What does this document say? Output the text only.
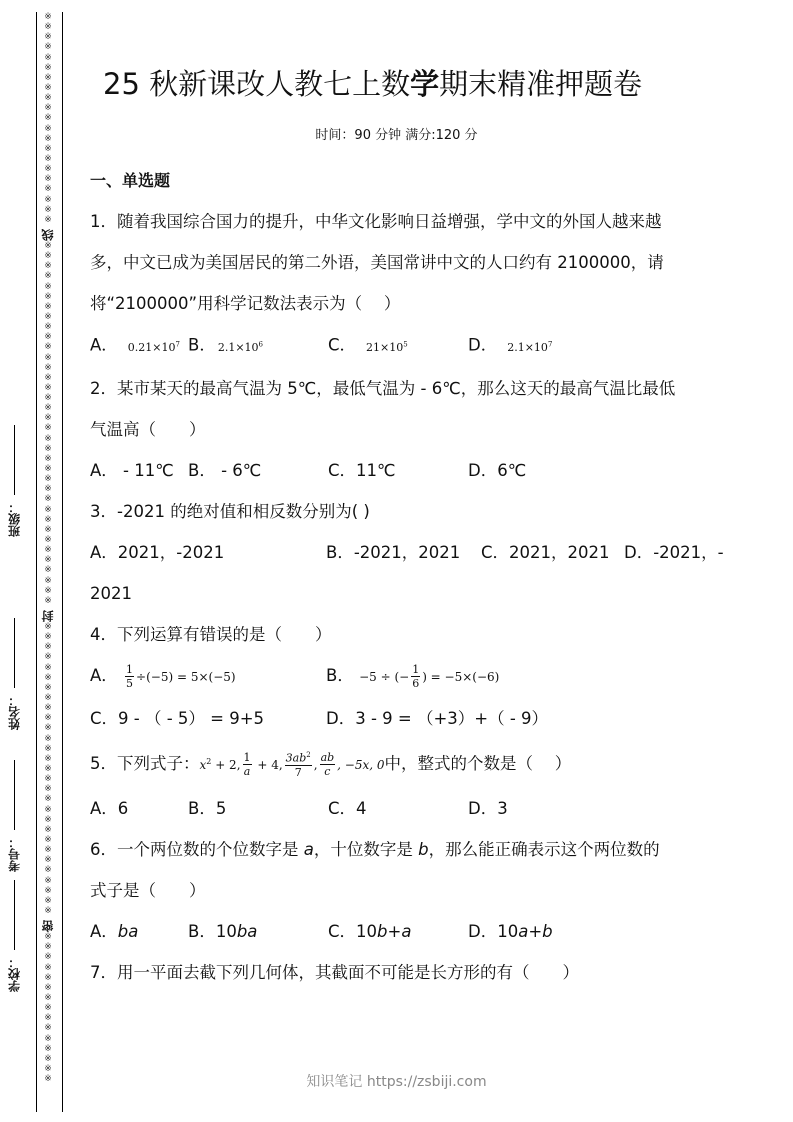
※
※
※
※
※
※
※
※
※
※
※
※
※
※
※
※
※
※
※
※
※
线
※
※
※
※
※
※
※
※
※
※
※
※
※
※
※
※
※
※
※
※
※
※
※
※
※
※
※
※
※
※
※
※
※
※
※
※
封
※
※
※
※
※
※
※
※
※
※
※
※
※
※
※
※
※
※
※
※
※
※
※
※
※
※
※
※
※
密
※
※
※
※
※
※
※
※
※
※
※
※
※
※
※
班级：
姓名：
考号：
学校：
25 秋新课改人教七上数学期末精准押题卷
时间：90 分钟 满分:120 分
一、单选题
1．随着我国综合国力的提升，中华文化影响日益增强，学中文的外国人越来越
多，中文已成为美国居民的第二外语，美国常讲中文的人口约有 2100000，请
将“2100000”用科学记数法表示为（　 ）
A． $0.21\times 10^7$ B． $2.1\times 10^6$	C． $21\times 10^5$	D． $2.1\times 10^7$
2．某市某天的最高气温为 5℃，最低气温为 - 6℃，那么这天的最高气温比最低
气温高（　　）
A． - 11℃ B． - 6℃	C．11℃	D．6℃
3．-2021 的绝对值和相反数分别为( )
A．2021，-2021	B．-2021，2021	C．2021，2021 D．-2021，-
2021
4．下列运算有错误的是（　　）
A． $\frac{1}{5} \div(-5) = 5\times(-5)$	B． −5 ÷ (− $\frac{1}{6}$ ) = −5×(−6)
C．9 - （ - 5） = 9+5	D．3 - 9 = （+3）+（ - 9）
5．下列式子：$x^2 + 2$, $\frac{1}{a} + 4$, $\frac{3ab^2}{7}$ , $\frac{ab}{c}$ , −5x, 0中，整式的个数是（　 ）
A．6	B．5	C．4	D．3
6．一个两位数的个位数字是 a，十位数字是 b，那么能正确表示这个两位数的
式子是（　　）
A．ba	B．10ba	C．10b+a	D．10a+b
7．用一平面去截下列几何体，其截面不可能是长方形的有（　　）
知识笔记 https://zsbiji.com
